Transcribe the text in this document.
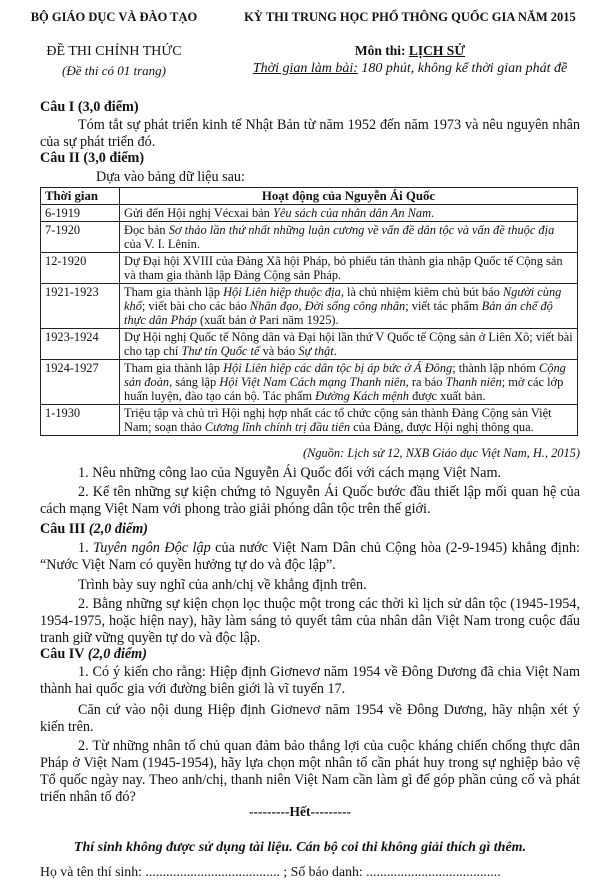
BỘ GIÁO DỤC VÀ ĐÀO TẠO
ĐỀ THI CHÍNH THỨC
(Đề thi có 01 trang)
KỲ THI TRUNG HỌC PHỔ THÔNG QUỐC GIA NĂM 2015
Môn thi: LỊCH SỬ
Thời gian làm bài: 180 phút, không kể thời gian phát đề
Câu I (3,0 điểm)
Tóm tắt sự phát triển kinh tế Nhật Bản từ năm 1952 đến năm 1973 và nêu nguyên nhân của sự phát triển đó.
Câu II (3,0 điểm)
Dựa vào bảng dữ liệu sau:
Thời gian	Hoạt động của Nguyễn Ái Quốc
6-1919	Gửi đến Hội nghị Vécxai bản Yêu sách của nhân dân An Nam.
7-1920	Đọc bản Sơ thảo lần thứ nhất những luận cương về vấn đề dân tộc và vấn đề thuộc địa của V. I. Lênin.
12-1920	Dự Đại hội XVIII của Đảng Xã hội Pháp, bỏ phiếu tán thành gia nhập Quốc tế Cộng sản và tham gia thành lập Đảng Cộng sản Pháp.
1921-1923	Tham gia thành lập Hội Liên hiệp thuộc địa, là chủ nhiệm kiêm chủ bút báo Người cùng khổ; viết bài cho các báo Nhân đạo, Đời sống công nhân; viết tác phẩm Bản án chế độ thực dân Pháp (xuất bản ở Pari năm 1925).
1923-1924	Dự Hội nghị Quốc tế Nông dân và Đại hội lần thứ V Quốc tế Cộng sản ở Liên Xô; viết bài cho tạp chí Thư tín Quốc tế và báo Sự thật.
1924-1927	Tham gia thành lập Hội Liên hiệp các dân tộc bị áp bức ở Á Đông; thành lập nhóm Cộng sản đoàn, sáng lập Hội Việt Nam Cách mạng Thanh niên, ra báo Thanh niên; mở các lớp huấn luyện, đào tạo cán bộ. Tác phẩm Đường Kách mệnh được xuất bản.
1-1930	Triệu tập và chủ trì Hội nghị hợp nhất các tổ chức cộng sản thành Đảng Cộng sản Việt Nam; soạn thảo Cương lĩnh chính trị đầu tiên của Đảng, được Hội nghị thông qua.
(Nguồn: Lịch sử 12, NXB Giáo dục Việt Nam, H., 2015)
1. Nêu những công lao của Nguyễn Ái Quốc đối với cách mạng Việt Nam.
2. Kể tên những sự kiện chứng tỏ Nguyễn Ái Quốc bước đầu thiết lập mối quan hệ của cách mạng Việt Nam với phong trào giải phóng dân tộc trên thế giới.
Câu III (2,0 điểm)
1. Tuyên ngôn Độc lập của nước Việt Nam Dân chủ Cộng hòa (2-9-1945) khẳng định: “Nước Việt Nam có quyền hưởng tự do và độc lập”.
Trình bày suy nghĩ của anh/chị về khẳng định trên.
2. Bằng những sự kiện chọn lọc thuộc một trong các thời kì lịch sử dân tộc (1945-1954, 1954-1975, hoặc hiện nay), hãy làm sáng tỏ quyết tâm của nhân dân Việt Nam trong cuộc đấu tranh giữ vững quyền tự do và độc lập.
Câu IV (2,0 điểm)
1. Có ý kiến cho rằng: Hiệp định Giơnevơ năm 1954 về Đông Dương đã chia Việt Nam thành hai quốc gia với đường biên giới là vĩ tuyến 17.
Căn cứ vào nội dung Hiệp định Giơnevơ năm 1954 về Đông Dương, hãy nhận xét ý kiến trên.
2. Từ những nhân tố chủ quan đảm bảo thắng lợi của cuộc kháng chiến chống thực dân Pháp ở Việt Nam (1945-1954), hãy lựa chọn một nhân tố cần phát huy trong sự nghiệp bảo vệ Tổ quốc ngày nay. Theo anh/chị, thanh niên Việt Nam cần làm gì để góp phần củng cố và phát triển nhân tố đó?
---------Hết---------
Thí sinh không được sử dụng tài liệu. Cán bộ coi thi không giải thích gì thêm.
Họ và tên thí sinh: ....................................... ; Số báo danh: .......................................
